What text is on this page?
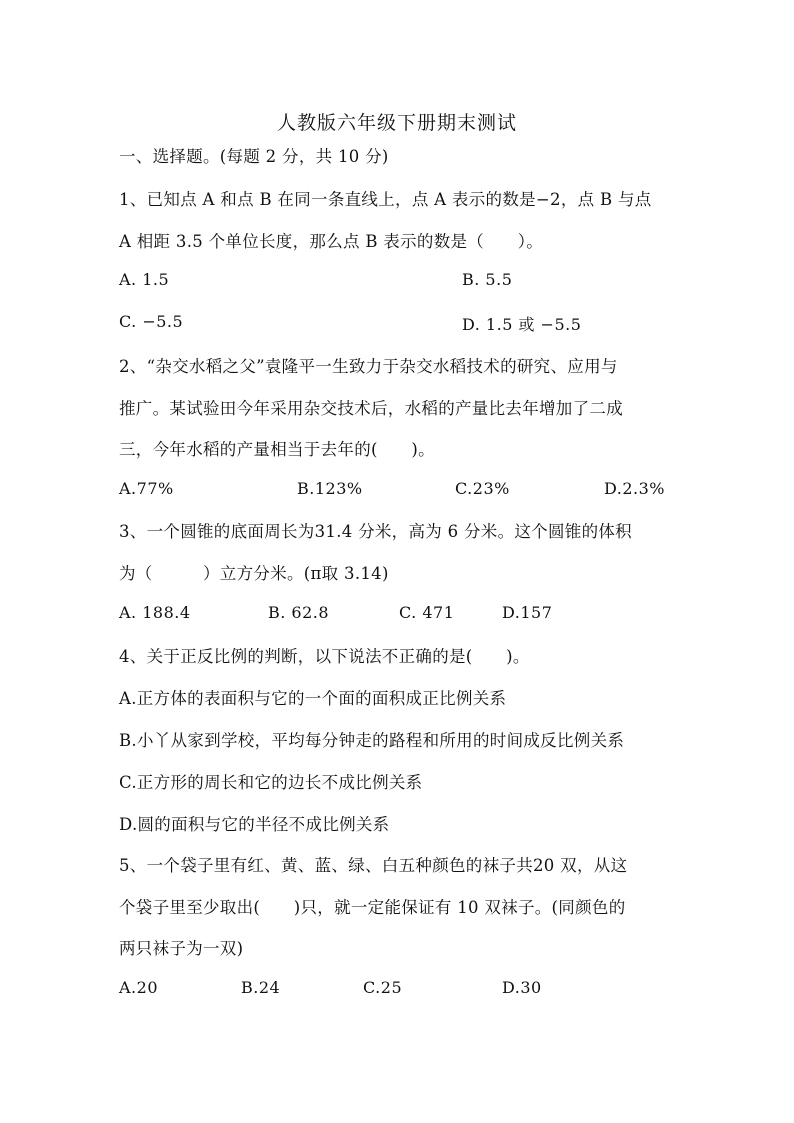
人教版六年级下册期末测试
一、选择题。(每题 2 分，共 10 分)
1、已知点 A 和点 B 在同一条直线上，点 A 表示的数是−2，点 B 与点
A 相距 3.5 个单位长度，那么点 B 表示的数是（　　）。
A. 1.5	B. 5.5
C. −5.5	D. 1.5 或 −5.5
2、“杂交水稻之父”袁隆平一生致力于杂交水稻技术的研究、应用与
推广。某试验田今年采用杂交技术后，水稻的产量比去年增加了二成
三，今年水稻的产量相当于去年的(　　)。
A.77%	B.123%	C.23%	D.2.3%
3、一个圆锥的底面周长为31.4 分米，高为 6 分米。这个圆锥的体积
为（　　　）立方分米。(π取 3.14)
A. 188.4	B. 62.8	C. 471	D.157
4、关于正反比例的判断，以下说法不正确的是(　　)。
A.正方体的表面积与它的一个面的面积成正比例关系
B.小丫从家到学校，平均每分钟走的路程和所用的时间成反比例关系
C.正方形的周长和它的边长不成比例关系
D.圆的面积与它的半径不成比例关系
5、一个袋子里有红、黄、蓝、绿、白五种颜色的袜子共20 双，从这
个袋子里至少取出(　　)只，就一定能保证有 10 双袜子。(同颜色的
两只袜子为一双)
A.20	B.24	C.25	D.30
